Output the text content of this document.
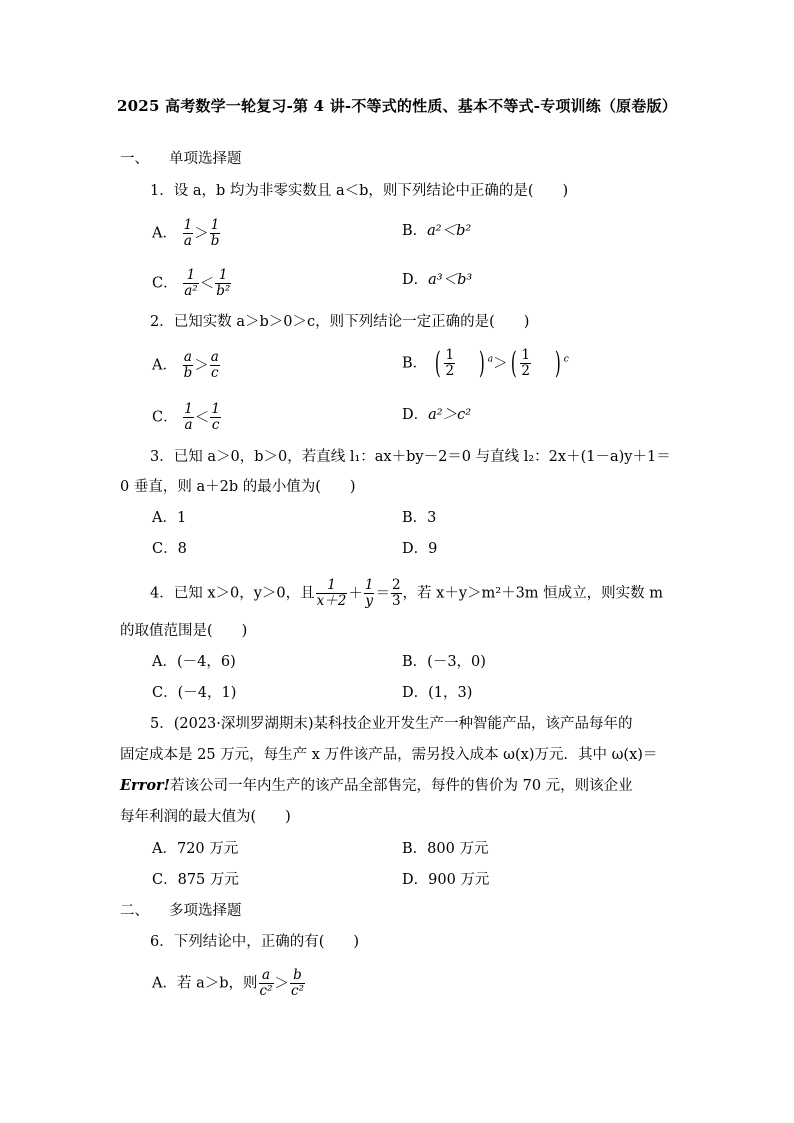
2025 高考数学一轮复习-第 4 讲-不等式的性质、基本不等式-专项训练（原卷版）
一、 单项选择题
1．设 a，b 均为非零实数且 a＜b，则下列结论中正确的是(　　)
A． $\frac{1}{a} > \frac{1}{b}$	B．a²＜b²
C． $\frac{1}{\text{a²}} < \frac{1}{\text{b²}}$	D．a³＜b³
2．已知实数 a＞b＞0＞c，则下列结论一定正确的是(　　)
A． $\frac{a}{b} > \frac{a}{c}$	B． ( $\frac{1}{2}$ ) $^a>( \frac{1}{2}$ ) $^c$
C． $\frac{1}{a} < \frac{1}{c}$	D．a²＞c²
3．已知 a＞0，b＞0，若直线 l₁：ax＋by－2＝0 与直线 l₂：2x＋(1－a)y＋1＝
0 垂直，则 a＋2b 的最小值为(　　)
A．1	B．3
C．8	D．9
4．已知 x＞0，y＞0，且 $\frac{1}{x+2} + \frac{1}{y} = \frac{2}{3}$ ，若 x＋y＞m²＋3m 恒成立，则实数 m
的取值范围是(　　)
A．(－4，6)	B．(－3，0)
C．(－4，1)	D．(1，3)
5．(2023·深圳罗湖期末)某科技企业开发生产一种智能产品，该产品每年的
固定成本是 25 万元，每生产 x 万件该产品，需另投入成本 ω(x)万元．其中 ω(x)＝
Error!若该公司一年内生产的该产品全部售完，每件的售价为 70 元，则该企业
每年利润的最大值为(　　)
A．720 万元	B．800 万元
C．875 万元	D．900 万元
二、 多项选择题
6．下列结论中，正确的有(　　)
A．若 a＞b，则 $\frac{a}{\text{c²}} > \frac{b}{\text{c²}}$
